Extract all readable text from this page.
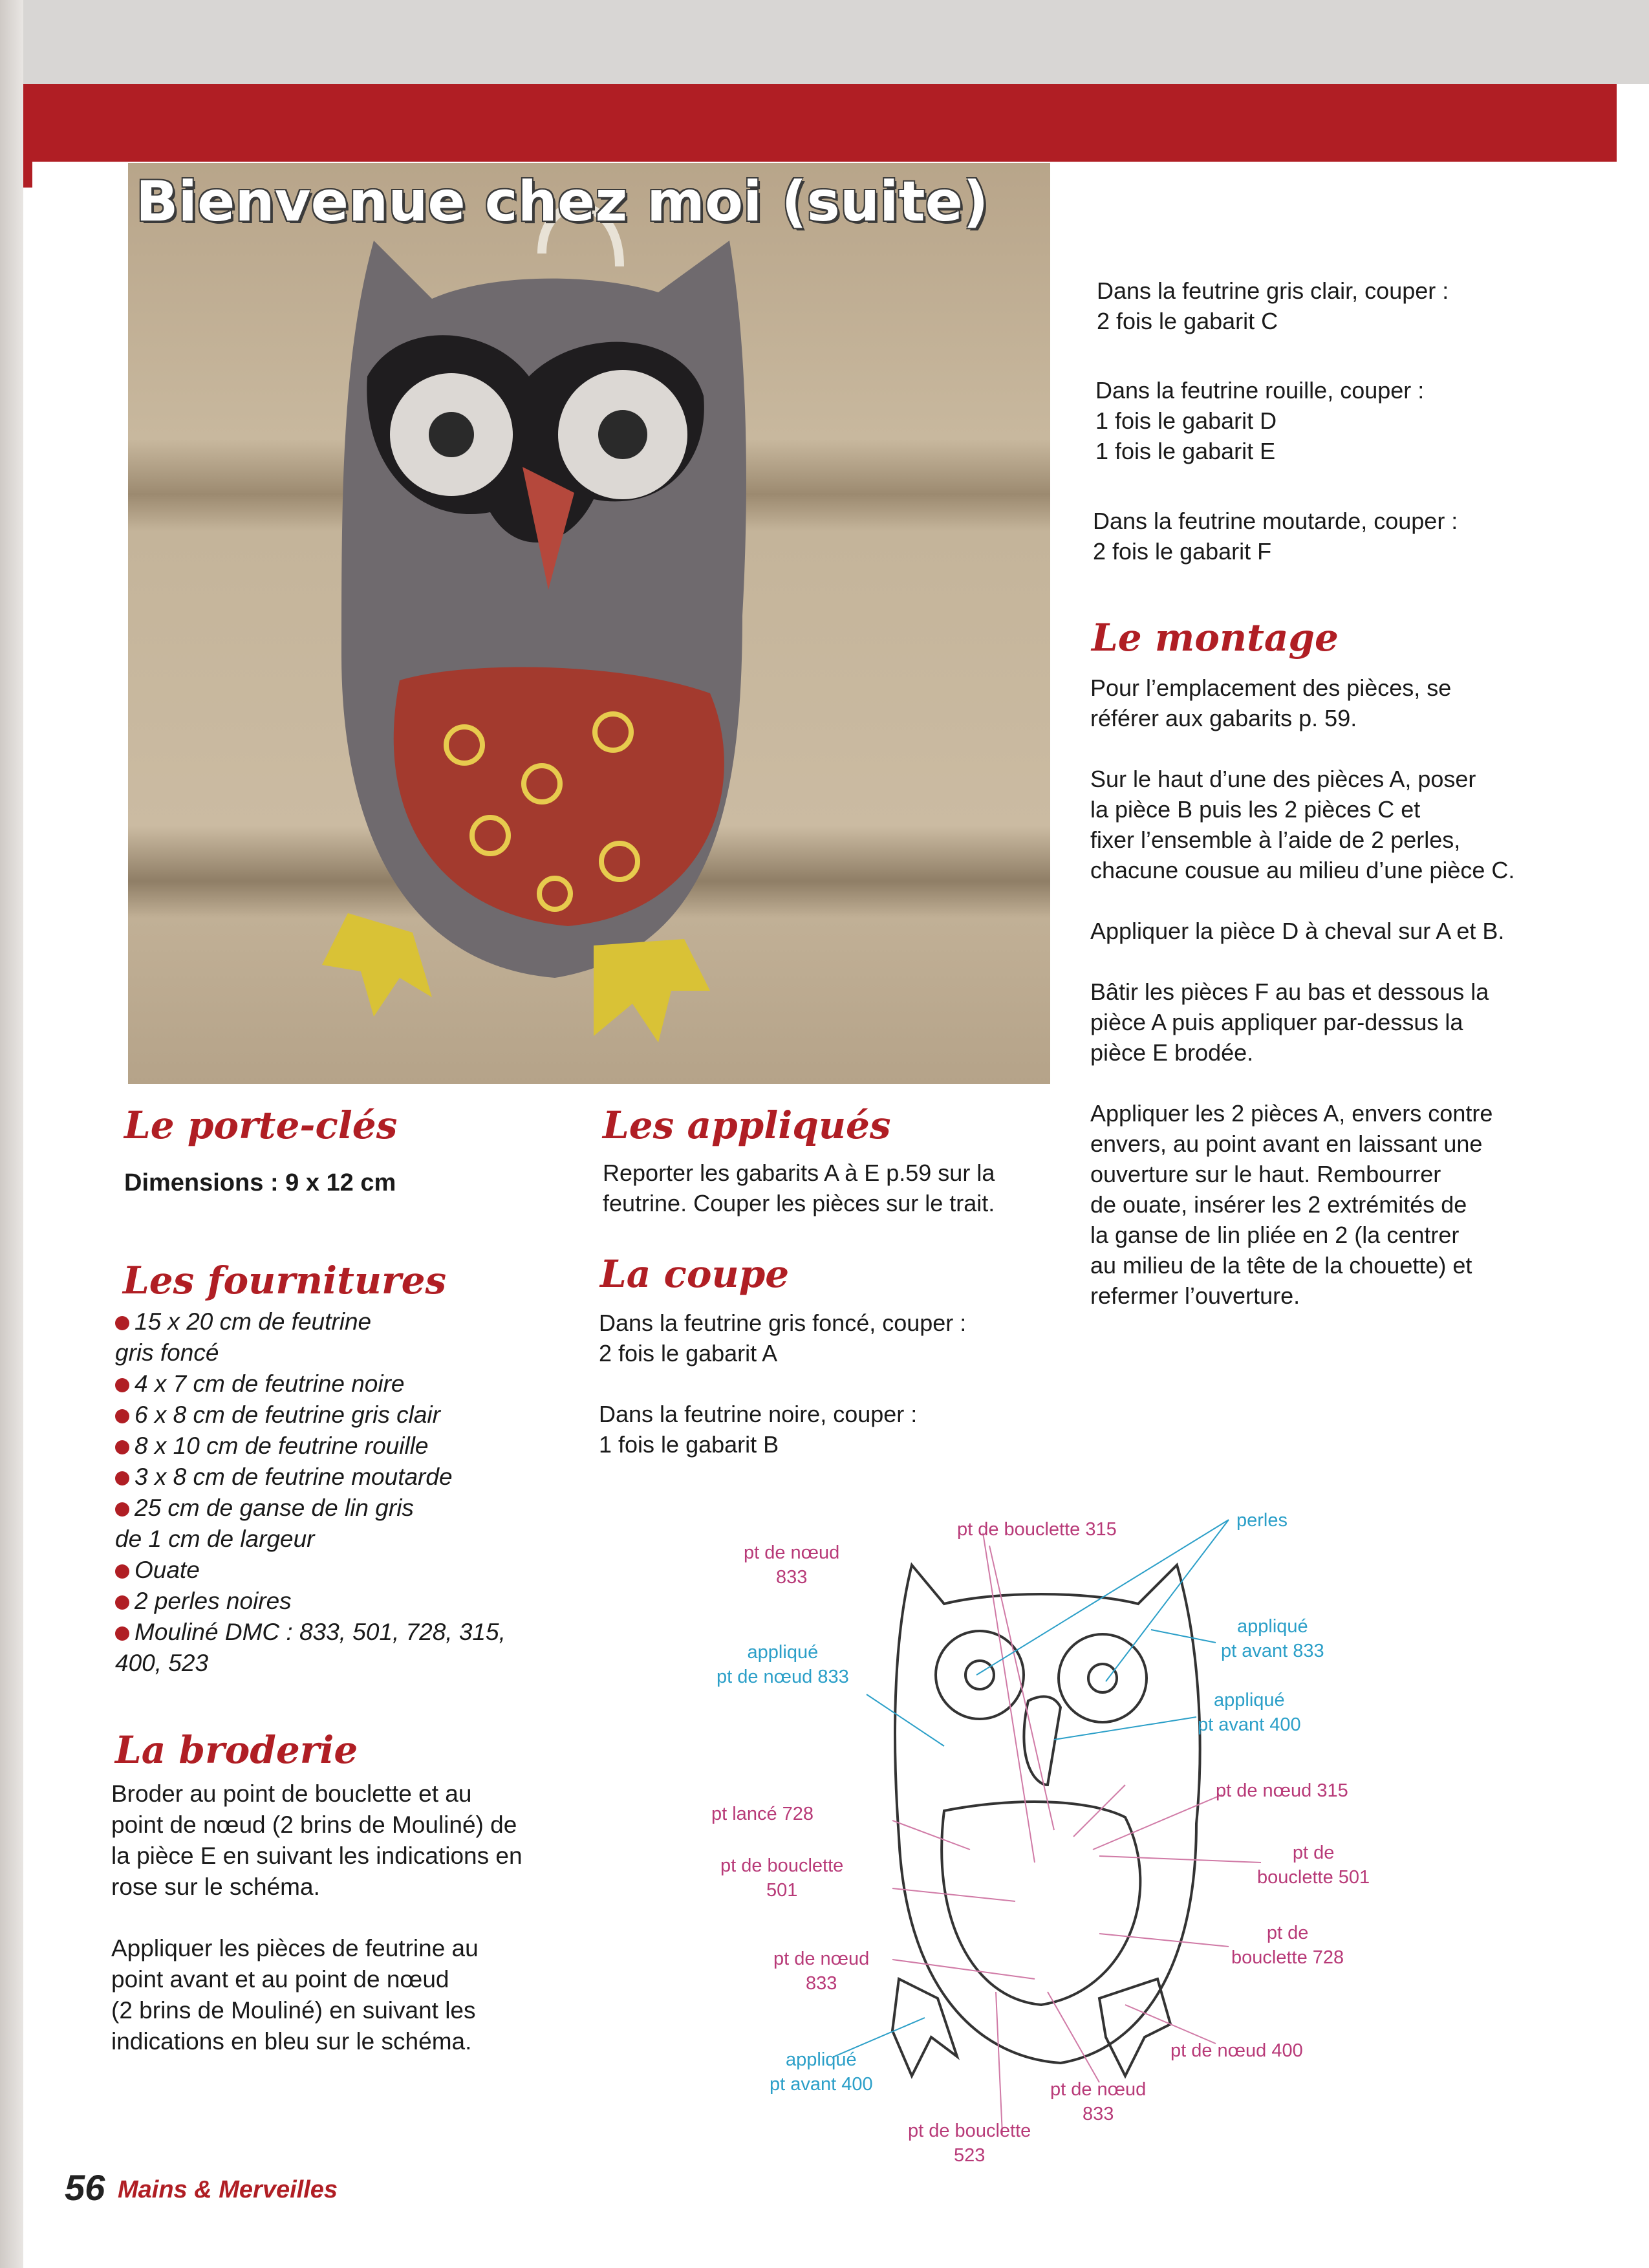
Bienvenue chez moi (suite)
Dans la feutrine gris clair, couper :
2 fois le gabarit C
Dans la feutrine rouille, couper :
1 fois le gabarit D
1 fois le gabarit E
Dans la feutrine moutarde, couper :
2 fois le gabarit F
Le montage
Pour l’emplacement des pièces, se
référer aux gabarits p. 59.
Sur le haut d’une des pièces A, poser
la pièce B puis les 2 pièces C et
fixer l’ensemble à l’aide de 2 perles,
chacune cousue au milieu d’une pièce C.
Appliquer la pièce D à cheval sur A et B.
Bâtir les pièces F au bas et dessous la
pièce A puis appliquer par-dessus la
pièce E brodée.
Appliquer les 2 pièces A, envers contre
envers, au point avant en laissant une
ouverture sur le haut. Rembourrer
de ouate, insérer les 2 extrémités de
la ganse de lin pliée en 2 (la centrer
au milieu de la tête de la chouette) et
refermer l’ouverture.
Le porte-clés
Dimensions : 9 x 12 cm
Les fournitures
15 x 20 cm de feutrine
gris foncé
4 x 7 cm de feutrine noire
6 x 8 cm de feutrine gris clair
8 x 10 cm de feutrine rouille
3 x 8 cm de feutrine moutarde
25 cm de ganse de lin gris
de 1 cm de largeur
Ouate
2 perles noires
Mouliné DMC : 833, 501, 728, 315,
400, 523
La broderie
Broder au point de bouclette et au
point de nœud (2 brins de Mouliné) de
la pièce E en suivant les indications en
rose sur le schéma.
Appliquer les pièces de feutrine au
point avant et au point de nœud
(2 brins de Mouliné) en suivant les
indications en bleu sur le schéma.
Les appliqués
Reporter les gabarits A à E p.59 sur la
feutrine. Couper les pièces sur le trait.
La coupe
Dans la feutrine gris foncé, couper :
2 fois le gabarit A
Dans la feutrine noire, couper :
1 fois le gabarit B
pt de bouclette 315	perles
pt de nœud
833
appliqué
pt avant 833
appliqué
pt de nœud 833
appliqué
pt avant 400
pt lancé 728
pt de nœud 315
pt de bouclette
501
pt de
bouclette 501
pt de
bouclette 728
pt de nœud
833
pt de nœud 400
appliqué
pt avant 400	pt de nœud
833
pt de bouclette
523
56 Mains & Merveilles
